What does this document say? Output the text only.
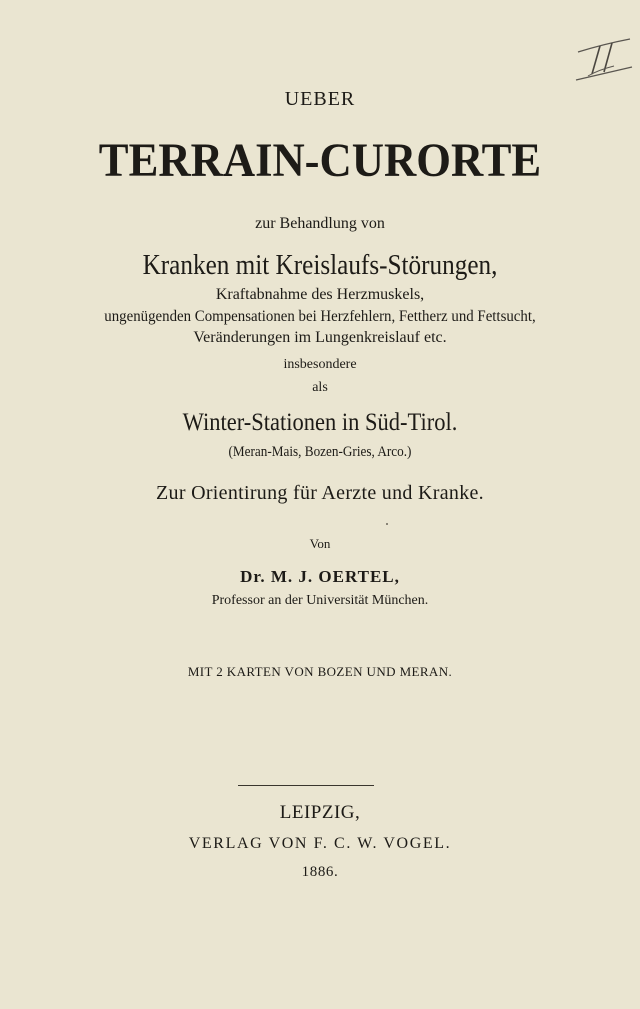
UEBER
TERRAIN-CURORTE
zur Behandlung von
Kranken mit Kreislaufs-Störungen,
Kraftabnahme des Herzmuskels,
ungenügenden Compensationen bei Herzfehlern, Fettherz und Fettsucht,
Veränderungen im Lungenkreislauf etc.
insbesondere
als
Winter-Stationen in Süd-Tirol.
(Meran-Mais, Bozen-Gries, Arco.)
Zur Orientirung für Aerzte und Kranke.
Von
Dr. M. J. OERTEL,
Professor an der Universität München.
MIT 2 KARTEN VON BOZEN UND MERAN.
LEIPZIG,
VERLAG VON F. C. W. VOGEL.
1886.
